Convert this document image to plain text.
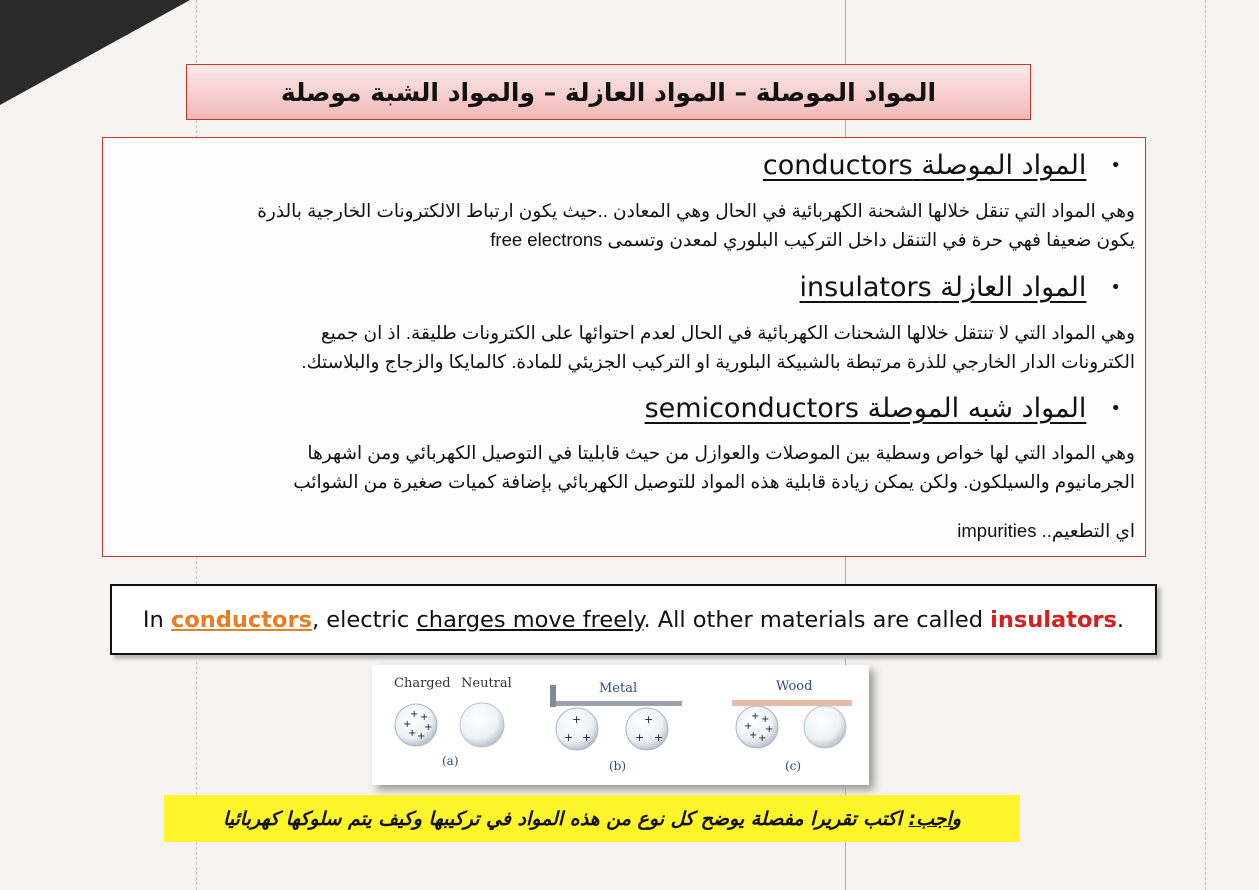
المواد الموصلة – المواد العازلة – والمواد الشبة موصلة
•
المواد الموصلة conductors
وهي المواد التي تنقل خلالها الشحنة الكهربائية في الحال وهي المعادن ..حيث يكون ارتباط الالكترونات الخارجية بالذرة
يكون ضعيفا فهي حرة في التنقل داخل التركيب البلوري لمعدن وتسمى free electrons
•
المواد العازلة insulators
وهي المواد التي لا تنتقل خلالها الشحنات الكهربائية في الحال لعدم احتوائها على الكترونات طليقة. اذ ان جميع
الكترونات الدار الخارجي للذرة مرتبطة بالشبيكة البلورية او التركيب الجزيئي للمادة. كالمايكا والزجاج والبلاستك.
•
المواد شبه الموصلة semiconductors
وهي المواد التي لها خواص وسطية بين الموصلات والعوازل من حيث قابليتا في التوصيل الكهربائي ومن اشهرها
الجرمانيوم والسيلكون. ولكن يمكن زيادة قابلية هذه المواد للتوصيل الكهربائي بإضافة كميات صغيرة من الشوائب
اي التطعيم.. impurities
In conductors, electric charges move freely. All other materials are called insulators.
Charged Neutral	Metal	Wood
+ +
+ +
+ +
+
+ +
+
+ +
+ +
+ +
+ +
(a)	(b)	(c)
واجب: اكتب تقريرا مفصلة يوضح كل نوع من هذه المواد في تركيبها وكيف يتم سلوكها كهربائيا
